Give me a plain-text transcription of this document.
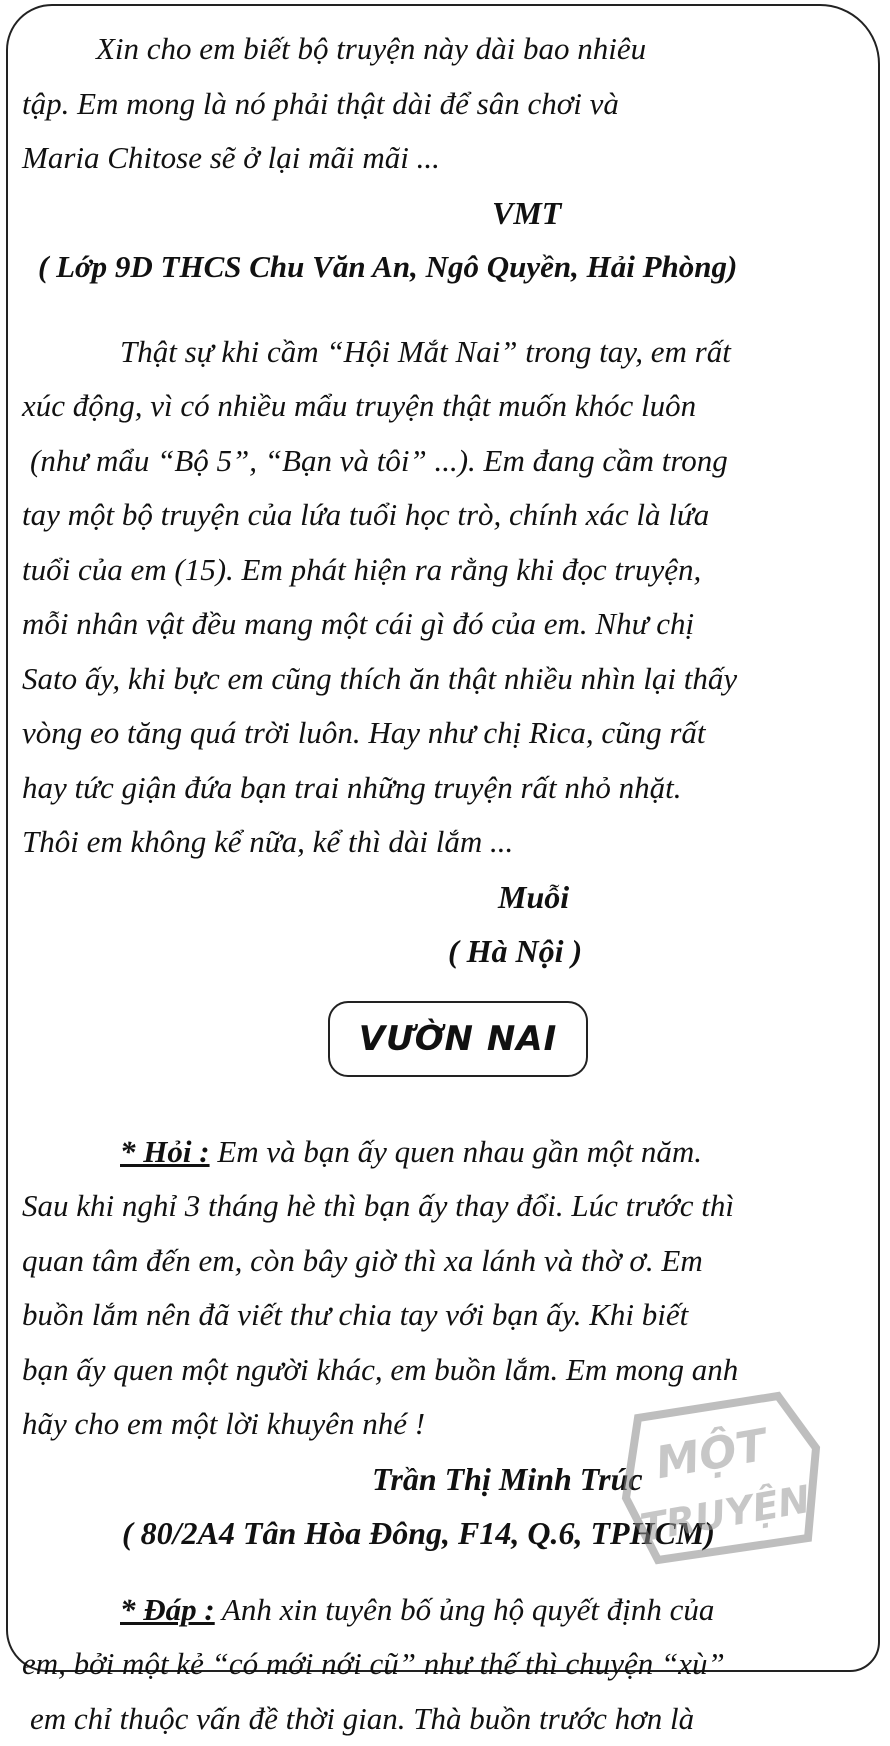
Xin cho em biết bộ truyện này dài bao nhiêu
tập. Em mong là nó phải thật dài để sân chơi và
Maria Chitose sẽ ở lại mãi mãi ...

VMT

( Lớp 9D THCS Chu Văn An, Ngô Quyền, Hải Phòng)

Thật sự khi cầm “Hội Mắt Nai” trong tay, em rất
xúc động, vì có nhiều mẩu truyện thật muốn khóc luôn
(như mẩu “Bộ 5”, “Bạn và tôi” ...). Em đang cầm trong
tay một bộ truyện của lứa tuổi học trò, chính xác là lứa
tuổi của em (15). Em phát hiện ra rằng khi đọc truyện,
mỗi nhân vật đều mang một cái gì đó của em. Như chị
Sato ấy, khi bực em cũng thích ăn thật nhiều nhìn lại thấy
vòng eo tăng quá trời luôn. Hay như chị Rica, cũng rất
hay tức giận đứa bạn trai những truyện rất nhỏ nhặt.
Thôi em không kể nữa, kể thì dài lắm ...

Muỗi

( Hà Nội )

VƯỜN NAI

* Hỏi : Em và bạn ấy quen nhau gần một năm.
Sau khi nghỉ 3 tháng hè thì bạn ấy thay đổi. Lúc trước thì
quan tâm đến em, còn bây giờ thì xa lánh và thờ ơ. Em
buồn lắm nên đã viết thư chia tay với bạn ấy. Khi biết
bạn ấy quen một người khác, em buồn lắm. Em mong anh
hãy cho em một lời khuyên nhé !

Trần Thị Minh Trúc

( 80/2A4 Tân Hòa Đông, F14, Q.6, TPHCM)

* Đáp : Anh xin tuyên bố ủng hộ quyết định của
em, bởi một kẻ “có mới nới cũ” như thế thì chuyện “xù”
em chỉ thuộc vấn đề thời gian. Thà buồn trước hơn là

MỘT
TRUYỆN
